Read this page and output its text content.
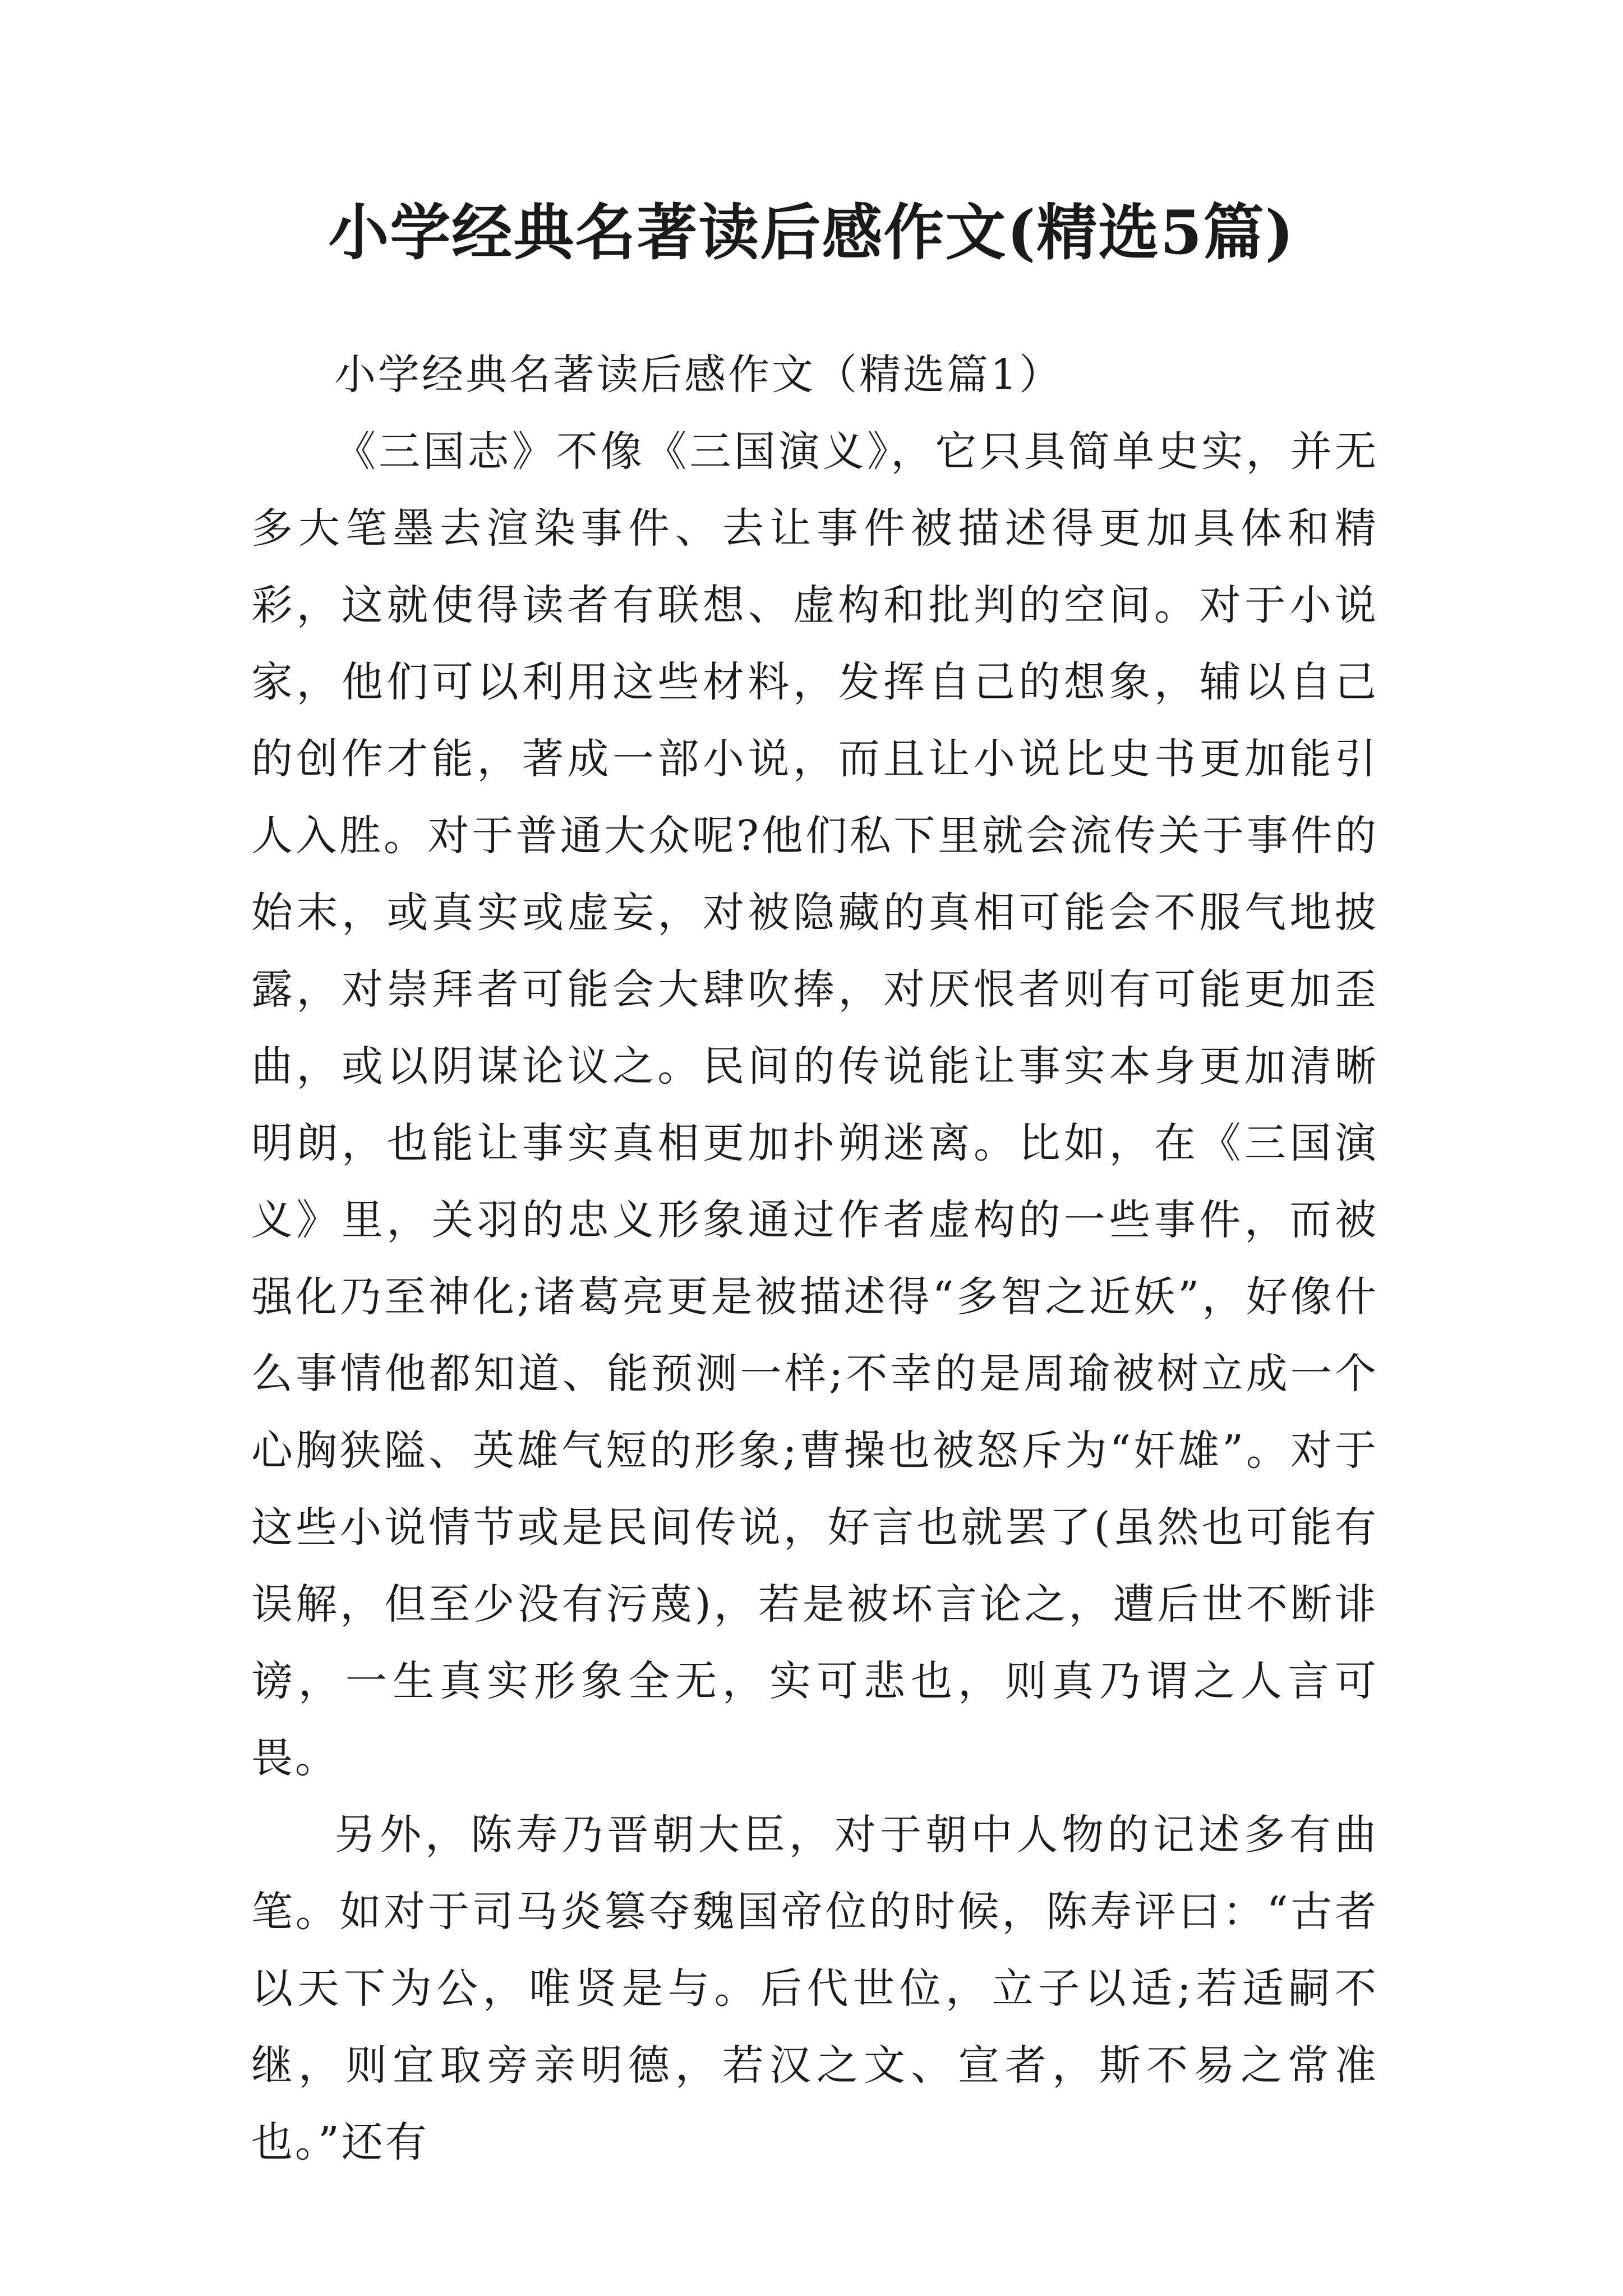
小学经典名著读后感作文(精选5篇)

小学经典名著读后感作文（精选篇1）

《三国志》不像《三国演义》，它只具简单史实，并无多大笔墨去渲染事件、去让事件被描述得更加具体和精彩，这就使得读者有联想、虚构和批判的空间。对于小说家，他们可以利用这些材料，发挥自己的想象，辅以自己的创作才能，著成一部小说，而且让小说比史书更加能引人入胜。对于普通大众呢?他们私下里就会流传关于事件的始末，或真实或虚妄，对被隐藏的真相可能会不服气地披露，对崇拜者可能会大肆吹捧，对厌恨者则有可能更加歪曲，或以阴谋论议之。民间的传说能让事实本身更加清晰明朗，也能让事实真相更加扑朔迷离。比如，在《三国演义》里，关羽的忠义形象通过作者虚构的一些事件，而被强化乃至神化;诸葛亮更是被描述得“多智之近妖”，好像什么事情他都知道、能预测一样;不幸的是周瑜被树立成一个心胸狭隘、英雄气短的形象;曹操也被怒斥为“奸雄”。对于这些小说情节或是民间传说，好言也就罢了(虽然也可能有误解，但至少没有污蔑)，若是被坏言论之，遭后世不断诽谤，一生真实形象全无，实可悲也，则真乃谓之人言可畏。

另外，陈寿乃晋朝大臣，对于朝中人物的记述多有曲笔。如对于司马炎篡夺魏国帝位的时候，陈寿评曰：“古者以天下为公，唯贤是与。后代世位，立子以适;若适嗣不继，则宜取旁亲明德，若汉之文、宣者，斯不易之常准也。”还有
